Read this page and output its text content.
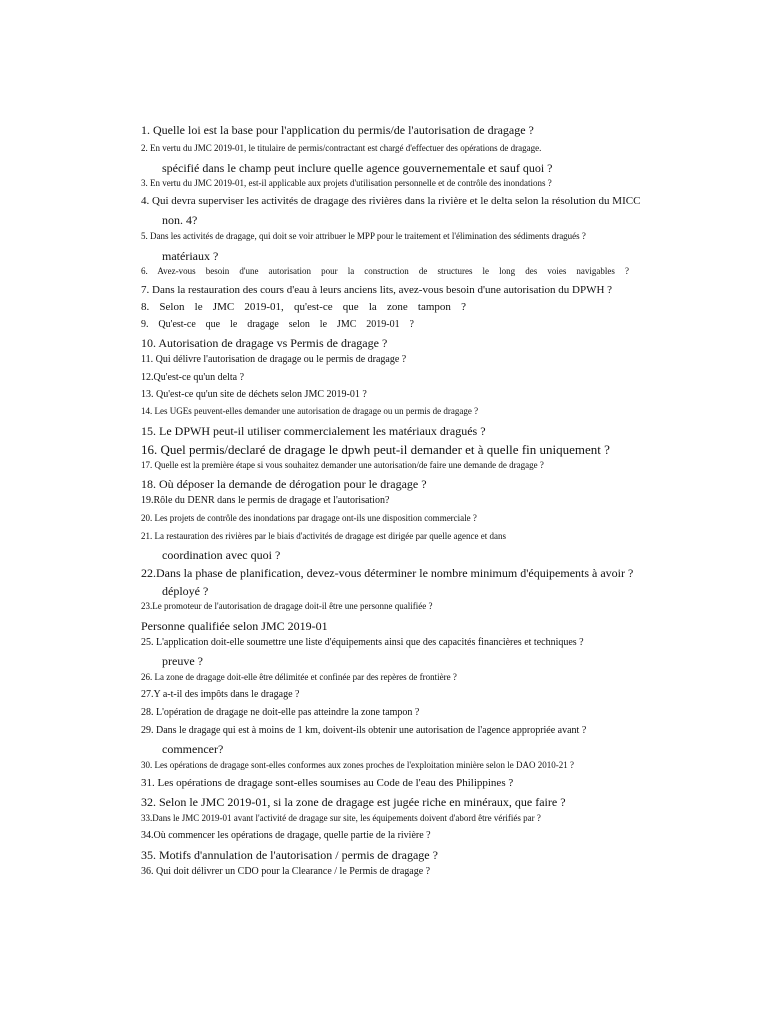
1. Quelle loi est la base pour l'application du permis/de l'autorisation de dragage ?
2. En vertu du JMC 2019-01, le titulaire de permis/contractant est chargé d'effectuer des opérations de dragage.
spécifié dans le champ peut inclure quelle agence gouvernementale et sauf quoi ?
3. En vertu du JMC 2019-01, est-il applicable aux projets d'utilisation personnelle et de contrôle des inondations ?
4. Qui devra superviser les activités de dragage des rivières dans la rivière et le delta selon la résolution du MICC
non. 4?
5. Dans les activités de dragage, qui doit se voir attribuer le MPP pour le traitement et l'élimination des sédiments dragués ?
matériaux ?
6. Avez-vous besoin d'une autorisation pour la construction de structures le long des voies navigables ?
7. Dans la restauration des cours d'eau à leurs anciens lits, avez-vous besoin d'une autorisation du DPWH ?
8. Selon le JMC 2019-01, qu'est-ce que la zone tampon ?
9. Qu'est-ce que le dragage selon le JMC 2019-01 ?
10. Autorisation de dragage vs Permis de dragage ?
11. Qui délivre l'autorisation de dragage ou le permis de dragage ?
12.Qu'est-ce qu'un delta ?
13. Qu'est-ce qu'un site de déchets selon JMC 2019-01 ?
14. Les UGEs peuvent-elles demander une autorisation de dragage ou un permis de dragage ?
15. Le DPWH peut-il utiliser commercialement les matériaux dragués ?
16. Quel permis/declaré de dragage le dpwh peut-il demander et à quelle fin uniquement ?
17. Quelle est la première étape si vous souhaitez demander une autorisation/de faire une demande de dragage ?
18. Où déposer la demande de dérogation pour le dragage ?
19.Rôle du DENR dans le permis de dragage et l'autorisation?
20. Les projets de contrôle des inondations par dragage ont-ils une disposition commerciale ?
21. La restauration des rivières par le biais d'activités de dragage est dirigée par quelle agence et dans
coordination avec quoi ?
22.Dans la phase de planification, devez-vous déterminer le nombre minimum d'équipements à avoir ?
déployé ?
23.Le promoteur de l'autorisation de dragage doit-il être une personne qualifiée ?
Personne qualifiée selon JMC 2019-01
25. L'application doit-elle soumettre une liste d'équipements ainsi que des capacités financières et techniques ?
preuve ?
26. La zone de dragage doit-elle être délimitée et confinée par des repères de frontière ?
27.Y a-t-il des impôts dans le dragage ?
28. L'opération de dragage ne doit-elle pas atteindre la zone tampon ?
29. Dans le dragage qui est à moins de 1 km, doivent-ils obtenir une autorisation de l'agence appropriée avant ?
commencer?
30. Les opérations de dragage sont-elles conformes aux zones proches de l'exploitation minière selon le DAO 2010-21 ?
31. Les opérations de dragage sont-elles soumises au Code de l'eau des Philippines ?
32. Selon le JMC 2019-01, si la zone de dragage est jugée riche en minéraux, que faire ?
33.Dans le JMC 2019-01 avant l'activité de dragage sur site, les équipements doivent d'abord être vérifiés par ?
34.Où commencer les opérations de dragage, quelle partie de la rivière ?
35. Motifs d'annulation de l'autorisation / permis de dragage ?
36. Qui doit délivrer un CDO pour la Clearance / le Permis de dragage ?
